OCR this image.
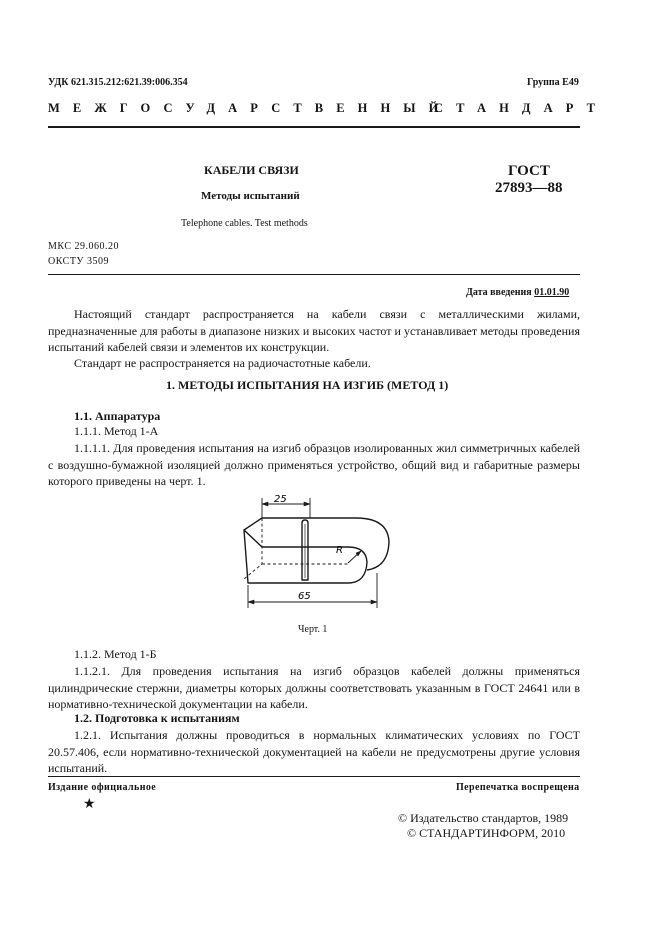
УДК 621.315.212:621.39:006.354	Группа Е49
МЕЖГОСУДАРСТВЕННЫЙ
СТАНДАРТ
КАБЕЛИ СВЯЗИ
Методы испытаний
Telephone cables. Test methods
ГОСТ
27893—88
МКС 29.060.20
ОКСТУ 3509
Дата введения 01.01.90
Настоящий стандарт распространяется на кабели связи с металлическими жилами, предназначенные для работы в диапазоне низких и высоких частот и устанавливает методы проведения испытаний кабелей связи и элементов их конструкции.
Стандарт не распространяется на радиочастотные кабели.
1. МЕТОДЫ ИСПЫТАНИЯ НА ИЗГИБ (МЕТОД 1)
1.1. Аппаратура
1.1.1. Метод 1-А
1.1.1.1. Для проведения испытания на изгиб образцов изолированных жил симметричных кабелей с воздушно-бумажной изоляцией должно применяться устройство, общий вид и габаритные размеры которого приведены на черт. 1.
25
R
65
Черт. 1
1.1.2. Метод 1-Б
1.1.2.1. Для проведения испытания на изгиб образцов кабелей должны применяться цилиндрические стержни, диаметры которых должны соответствовать указанным в ГОСТ 24641 или в нормативно-технической документации на кабели.
1.2. Подготовка к испытаниям
1.2.1. Испытания должны проводиться в нормальных климатических условиях по ГОСТ 20.57.406, если нормативно-технической документацией на кабели не предусмотрены другие условия испытаний.
Издание официальное	Перепечатка воспрещена
★
© Издательство стандартов, 1989
© СТАНДАРТИНФОРМ, 2010
